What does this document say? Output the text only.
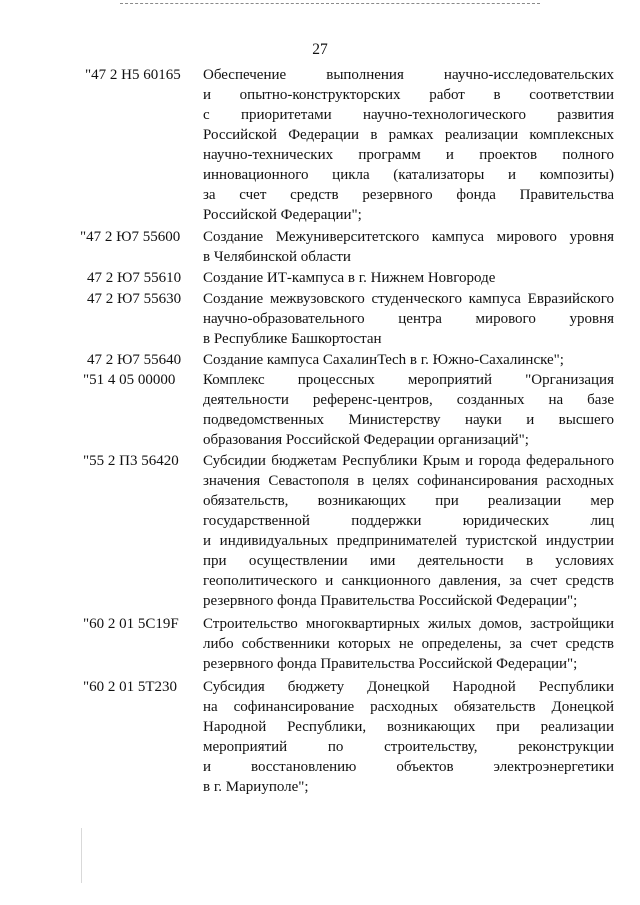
27
"47 2 Н5 60165 Обеспечение выполнения научно-исследовательских
и опытно-конструкторских работ в соответствии
с приоритетами научно-технологического развития
Российской Федерации в рамках реализации комплексных
научно-технических программ и проектов полного
инновационного цикла (катализаторы и композиты)
за счет средств резервного фонда Правительства
Российской Федерации";
"47 2 Ю7 55600 Создание Межуниверситетского кампуса мирового уровня
в Челябинской области
47 2 Ю7 55610 Создание ИТ-кампуса в г. Нижнем Новгороде
47 2 Ю7 55630 Создание межвузовского студенческого кампуса Евразийского
научно-образовательного центра мирового уровня
в Республике Башкортостан
47 2 Ю7 55640 Создание кампуса СахалинTech в г. Южно-Сахалинске";
"51 4 05 00000 Комплекс процессных мероприятий "Организация
деятельности референс-центров, созданных на базе
подведомственных Министерству науки и высшего
образования Российской Федерации организаций";
"55 2 П3 56420 Субсидии бюджетам Республики Крым и города федерального
значения Севастополя в целях софинансирования расходных
обязательств, возникающих при реализации мер
государственной поддержки юридических лиц
и индивидуальных предпринимателей туристской индустрии
при осуществлении ими деятельности в условиях
геополитического и санкционного давления, за счет средств
резервного фонда Правительства Российской Федерации";
"60 2 01 5С19F Строительство многоквартирных жилых домов, застройщики
либо собственники которых не определены, за счет средств
резервного фонда Правительства Российской Федерации";
"60 2 01 5Т230 Субсидия бюджету Донецкой Народной Республики
на софинансирование расходных обязательств Донецкой
Народной Республики, возникающих при реализации
мероприятий по строительству, реконструкции
и восстановлению объектов электроэнергетики
в г. Мариуполе";
